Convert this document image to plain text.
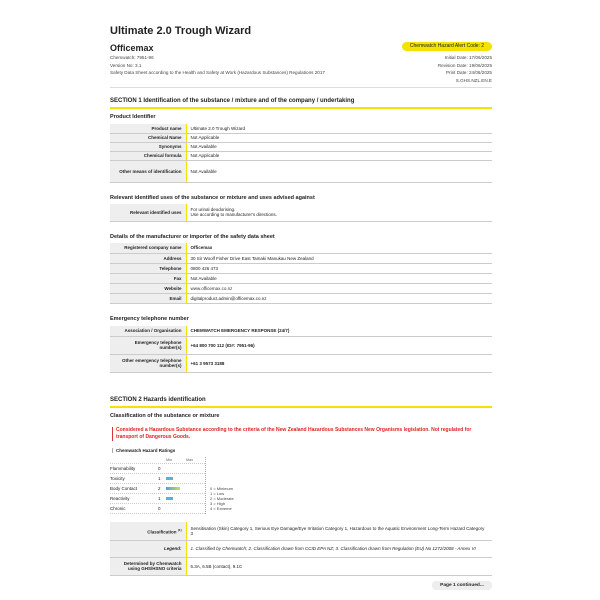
Ultimate 2.0 Trough Wizard
Officemax
Chemwatch: 7951-96
Version No: 3.1
Safety Data Sheet according to the Health and Safety at Work (Hazardous Substances) Regulations 2017
Chemwatch Hazard Alert Code: 2
Initial Date: 17/06/2025
Revision Date: 19/06/2025
Print Date: 24/06/2025
S.GHS.NZL.EN.E
SECTION 1 Identification of the substance / mixture and of the company / undertaking
Product Identifier
Product name	Ultimate 2.0 Trough Wizard
Chemical Name	Not Applicable
Synonyms	Not Available
Chemical formula	Not Applicable
Other means of identification	Not Available
Relevant identified uses of the substance or mixture and uses advised against
Relevant identified uses	For urinal deodorising.
Use according to manufacturer's directions.
Details of the manufacturer or importer of the safety data sheet
Registered company name	Officemax
Address	30 Sir Woolf Fisher Drive East Tamaki Manukau New Zealand
Telephone	0800 426 473
Fax	Not Available
Website	www.officemax.co.nz
Email	digitalproduct.admin@officemax.co.nz
Emergency telephone number
Association / Organisation	CHEMWATCH EMERGENCY RESPONSE (24/7)
Emergency telephone number(s)	+64 800 700 112 (ID#: 7951-96)
Other emergency telephone number(s)	+61 3 9573 3188
SECTION 2 Hazards identification
Classification of the substance or mixture
Considered a Hazardous Substance according to the criteria of the New Zealand Hazardous Substances New Organisms legislation. Not regulated for transport of Dangerous Goods.
Chemwatch Hazard Ratings
Min	Max
Flammability	0
Toxicity	1
Body Contact	2
Reactivity	1
Chronic	0
0 = Minimum
1 = Low
2 = Moderate
3 = High
4 = Extreme
Classification [1]	Sensitisation (Skin) Category 1, Serious Eye Damage/Eye Irritation Category 1, Hazardous to the Aquatic Environment Long-Term Hazard Category 3
Legend:	1. Classified by Chemwatch; 2. Classification drawn from CCID EPA NZ; 3. Classification drawn from Regulation (EU) No 1272/2008 - Annex VI
Determined by Chemwatch using GHS/HSNO criteria	6.3A, 6.5B (contact), 9.1C
Page 1 continued...
